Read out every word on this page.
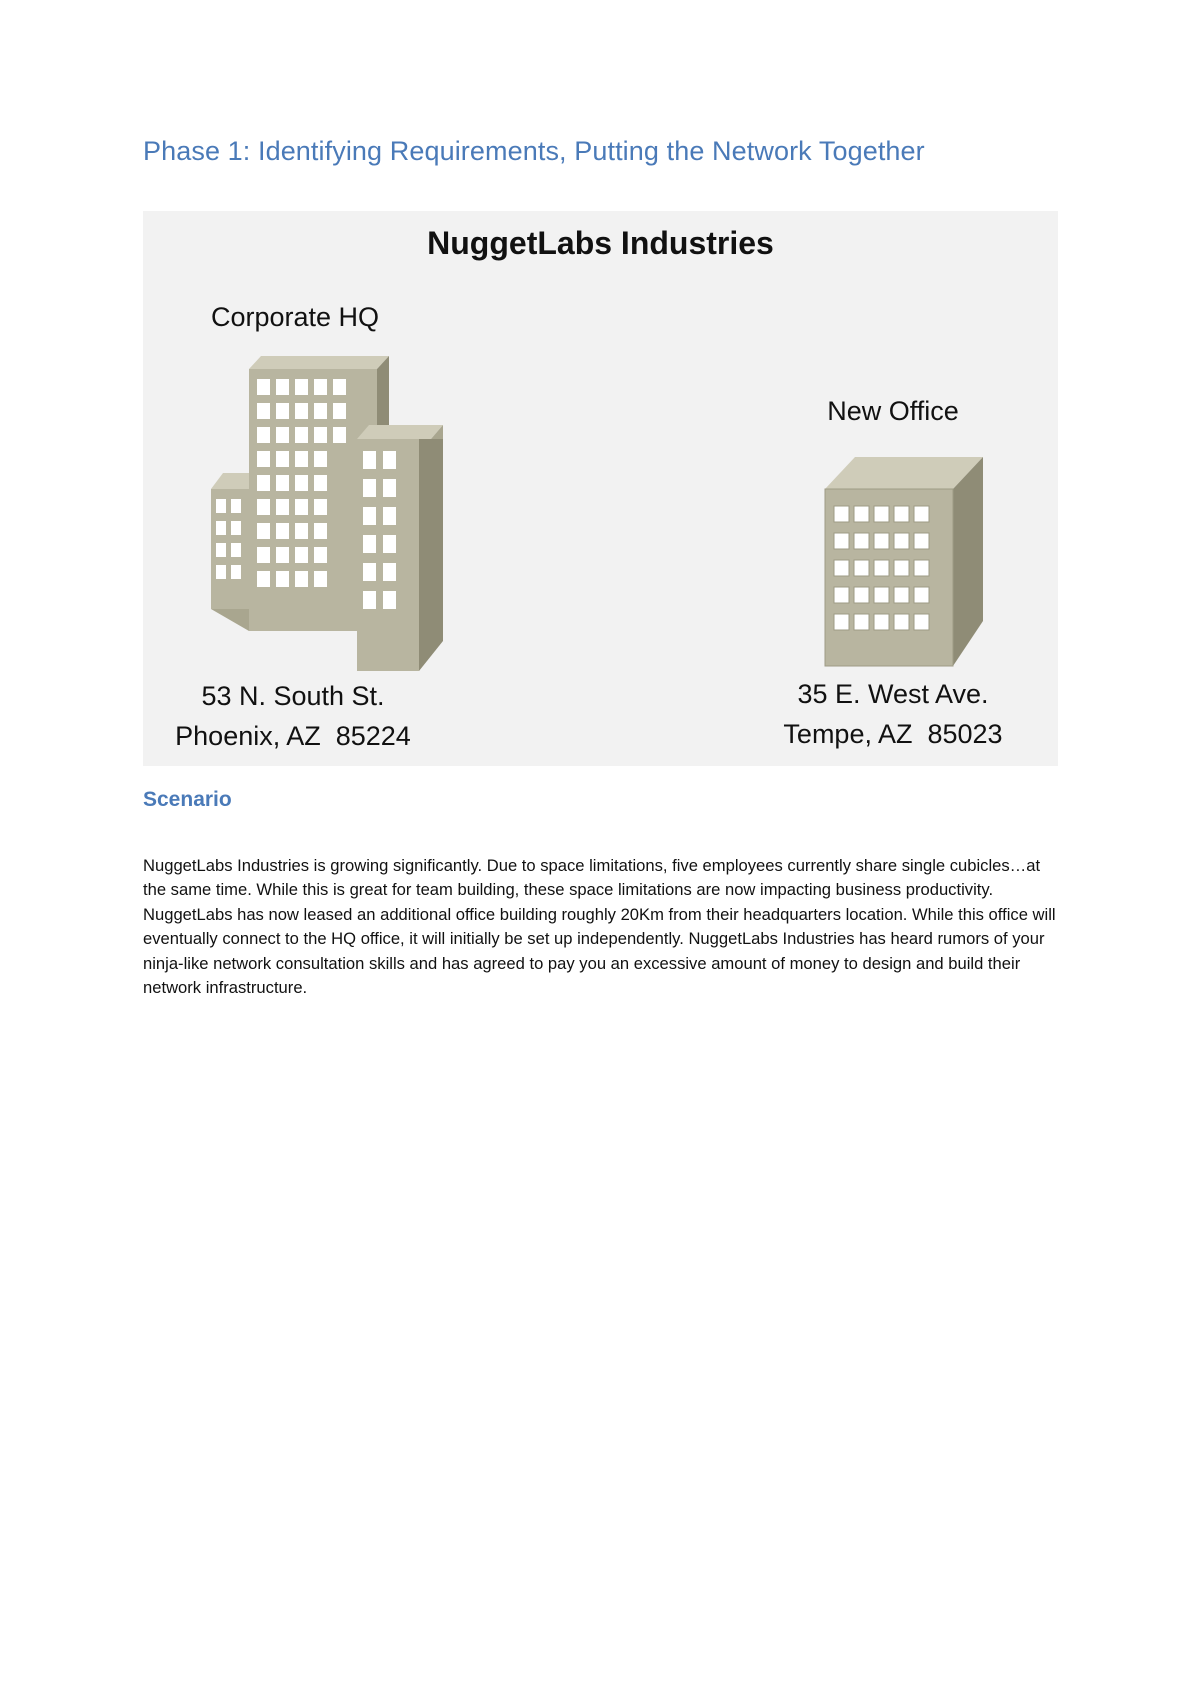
Phase 1: Identifying Requirements, Putting the Network Together
NuggetLabs Industries
Corporate HQ
New Office
53 N. South St.
Phoenix, AZ  85224
35 E. West Ave.
Tempe, AZ  85023
Scenario

NuggetLabs Industries is growing significantly. Due to space limitations, five employees currently share single cubicles…at the same time. While this is great for team building, these space limitations are now impacting business productivity. NuggetLabs has now leased an additional office building roughly 20Km from their headquarters location. While this office will eventually connect to the HQ office, it will initially be set up independently. NuggetLabs Industries has heard rumors of your ninja-like network consultation skills and has agreed to pay you an excessive amount of money to design and build their network infrastructure.
